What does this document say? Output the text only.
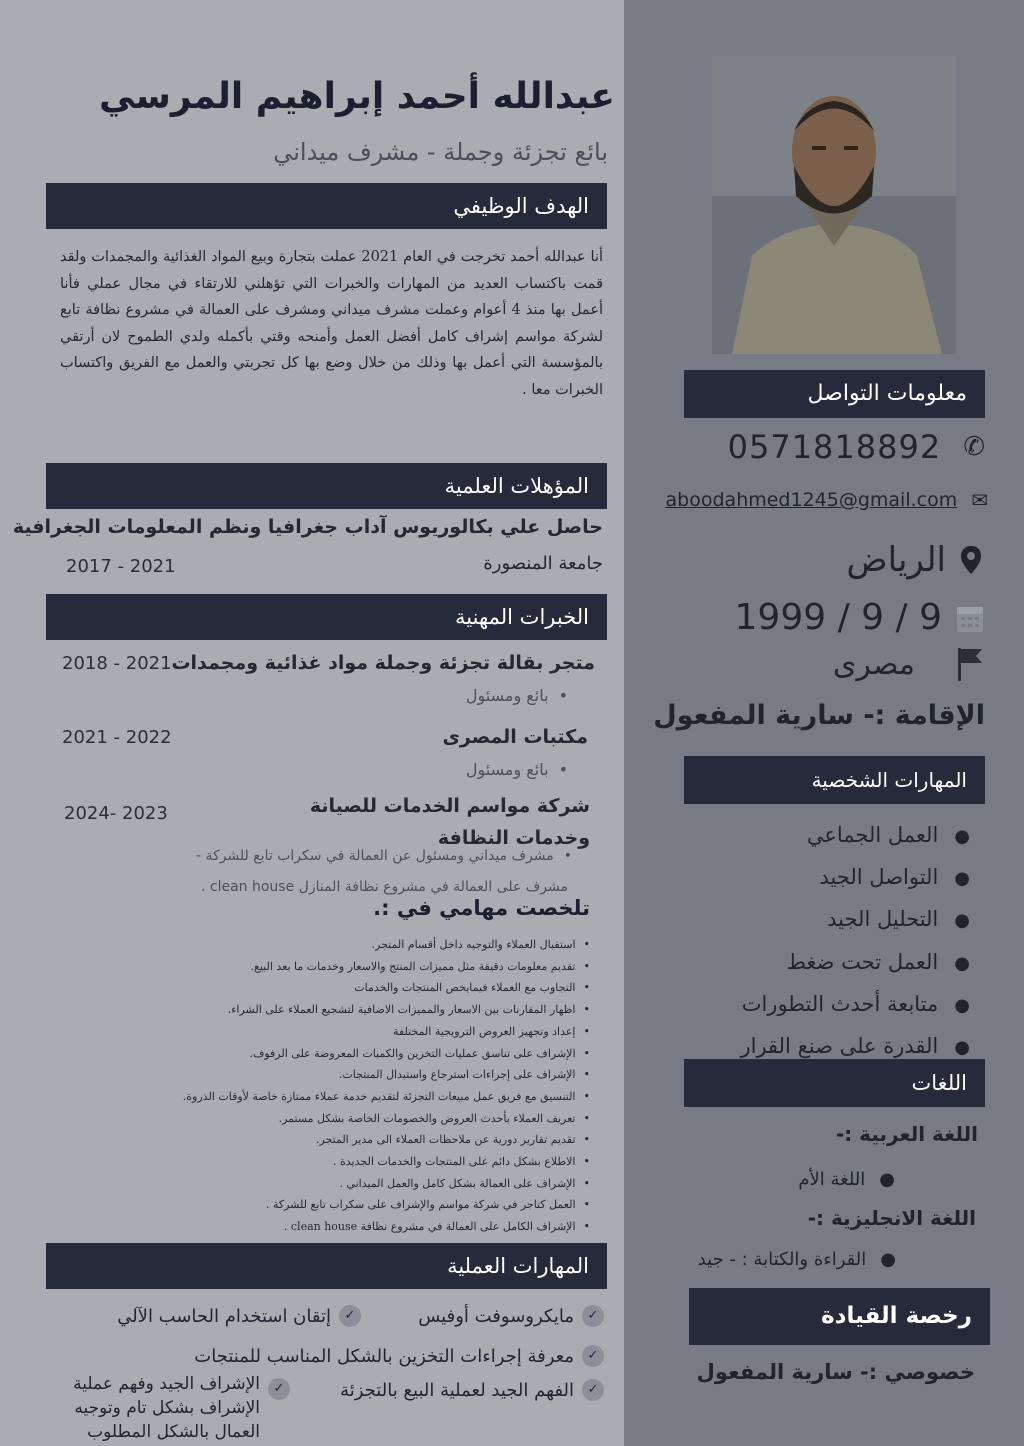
عبدالله أحمد إبراهيم المرسي
بائع تجزئة وجملة - مشرف ميداني
الهدف الوظيفي
أنا عبدالله أحمد تخرجت في العام 2021 عملت بتجارة وبيع المواد الغذائية والمجمدات ولقد قمت باكتساب العديد من المهارات والخبرات التي تؤهلني للارتقاء في مجال عملي فأنا أعمل بها منذ 4 أعوام وعملت مشرف ميداني ومشرف على العمالة في مشروع نظافة تابع لشركة مواسم إشراف كامل أفضل العمل وأمنحه وقتي بأكمله ولدي الطموح لان أرتقي بالمؤسسة التي أعمل بها وذلك من خلال وضع بها كل تجربتي والعمل مع الفريق واكتساب الخبرات معا .
المؤهلات العلمية
حاصل علي بكالوريوس آداب جغرافيا ونظم المعلومات الجغرافية
جامعة المنصورة
2017 - 2021
الخبرات المهنية
متجر بقالة تجزئة وجملة مواد غذائية ومجمدات
2018 - 2021
•بائع ومسئول
مكتبات المصرى
2021 - 2022
•بائع ومسئول
شركة مواسم الخدمات للصيانة وخدمات النظافة
2024- 2023
•مشرف ميداني ومسئول عن العمالة في سكراب تابع للشركة -
مشرف على العمالة في مشروع نظافة المنازل clean house .
تلخصت مهامي في :.
• استقبال العملاء والتوجيه داخل أقسام المتجر.
• تقديم معلومات دقيقة مثل مميزات المنتج والاسعار وخدمات ما بعد البيع.
• التجاوب مع العملاء فيمايخص المنتجات والخدمات
• اظهار المقارنات بين الاسعار والمميزات الاضافية لتشجيع العملاء على الشراء.
• إعداد وتجهيز العروض الترويجية المختلفة
• الإشراف على تناسق عمليات التخزين والكميات المعروضة على الرفوف.
• الإشراف على إجراءات استرجاع واستبدال المنتجات.
• التنسيق مع فريق عمل مبيعات التجزئة لتقديم خدمة عملاء ممتازة خاصة لأوقات الذروة.
• تعريف العملاء بأحدث العروض والخصومات الخاصة بشكل مستمر.
• تقديم تقارير دورية عن ملاحظات العملاء الى مدير المتجر.
• الاطلاع بشكل دائم على المنتجات والخدمات الجديدة .
• الإشراف على العمالة بشكل كامل والعمل الميداني .
• العمل كتاجر في شركة مواسم والإشراف على سكراب تابع للشركة .
• الإشراف الكامل على العمالة في مشروع نظافة clean house .
المهارات العملية
✓
مايكروسوفت أوفيس
✓
إتقان استخدام الحاسب الآلي
✓
معرفة إجراءات التخزين بالشكل المناسب للمنتجات
✓
الفهم الجيد لعملية البيع بالتجزئة
✓
الإشراف الجيد وفهم عملية الإشراف بشكل تام وتوجيه العمال بالشكل المطلوب
معلومات التواصل
0571818892 ✆
aboodahmed1245@gmail.com ✉
الرياض
9 / 9 / 1999
مصرى
الإقامة :- سارية المفعول
المهارات الشخصية
●العمل الجماعي
●التواصل الجيد
●التحليل الجيد
●العمل تحت ضغط
●متابعة أحدث التطورات
●القدرة على صنع القرار
اللغات
اللغة العربية :-
●اللغة الأم
اللغة الانجليزية :-
●القراءة والكتابة : - جيد
رخصة القيادة
خصوصي :- سارية المفعول
